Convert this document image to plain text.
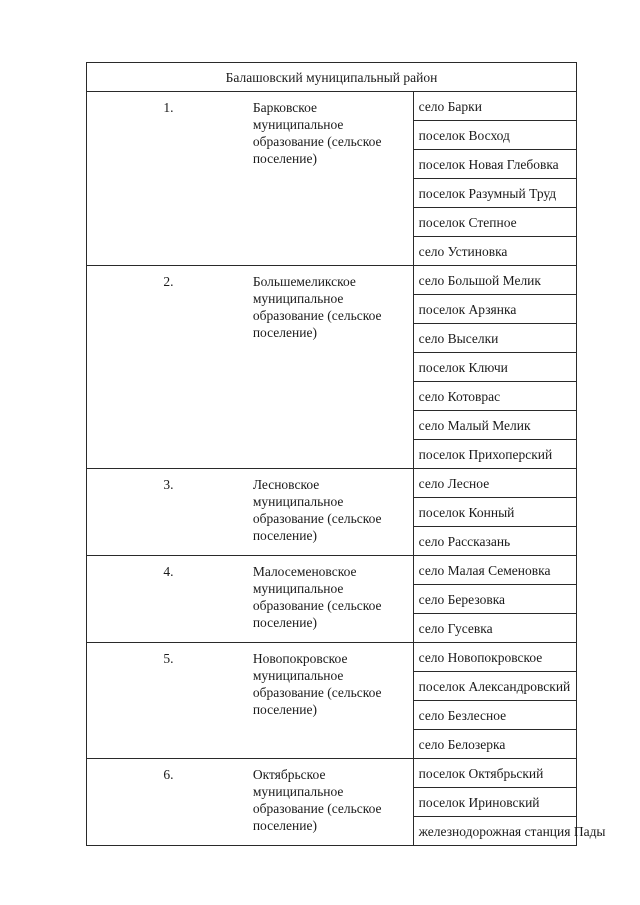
Балашовский муниципальный район		
1.	Барковское муниципальное образование (сельское поселение)	село Барки
		поселок Восход
		поселок Новая Глебовка
		поселок Разумный Труд
		поселок Степное
		село Устиновка
2.	Большемеликское муниципальное образование (сельское поселение)	село Большой Мелик
		поселок Арзянка
		село Выселки
		поселок Ключи
		село Котоврас
		село Малый Мелик
		поселок Прихоперский
3.	Лесновское муниципальное образование (сельское поселение)	село Лесное
		поселок Конный
		село Рассказань
4.	Малосеменовское муниципальное образование (сельское поселение)	село Малая Семеновка
		село Березовка
		село Гусевка
5.	Новопокровское муниципальное образование (сельское поселение)	село Новопокровское
		поселок Александровский
		село Безлесное
		село Белозерка
6.	Октябрьское муниципальное образование (сельское поселение)	поселок Октябрьский
		поселок Ириновский
		железнодорожная станция Пады
